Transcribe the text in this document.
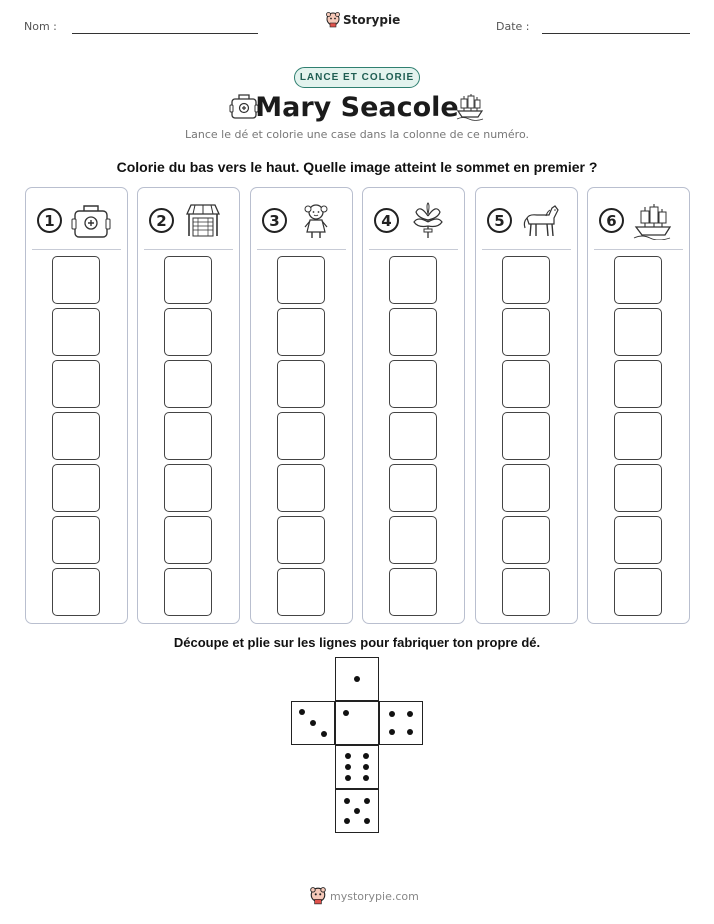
Nom :	Storypie	Date :
LANCE ET COLORIE
Mary Seacole
Lance le dé et colorie une case dans la colonne de ce numéro.
Colorie du bas vers le haut. Quelle image atteint le sommet en premier ?
1	2	3	4	5	6
Découpe et plie sur les lignes pour fabriquer ton propre dé.
mystorypie.com
